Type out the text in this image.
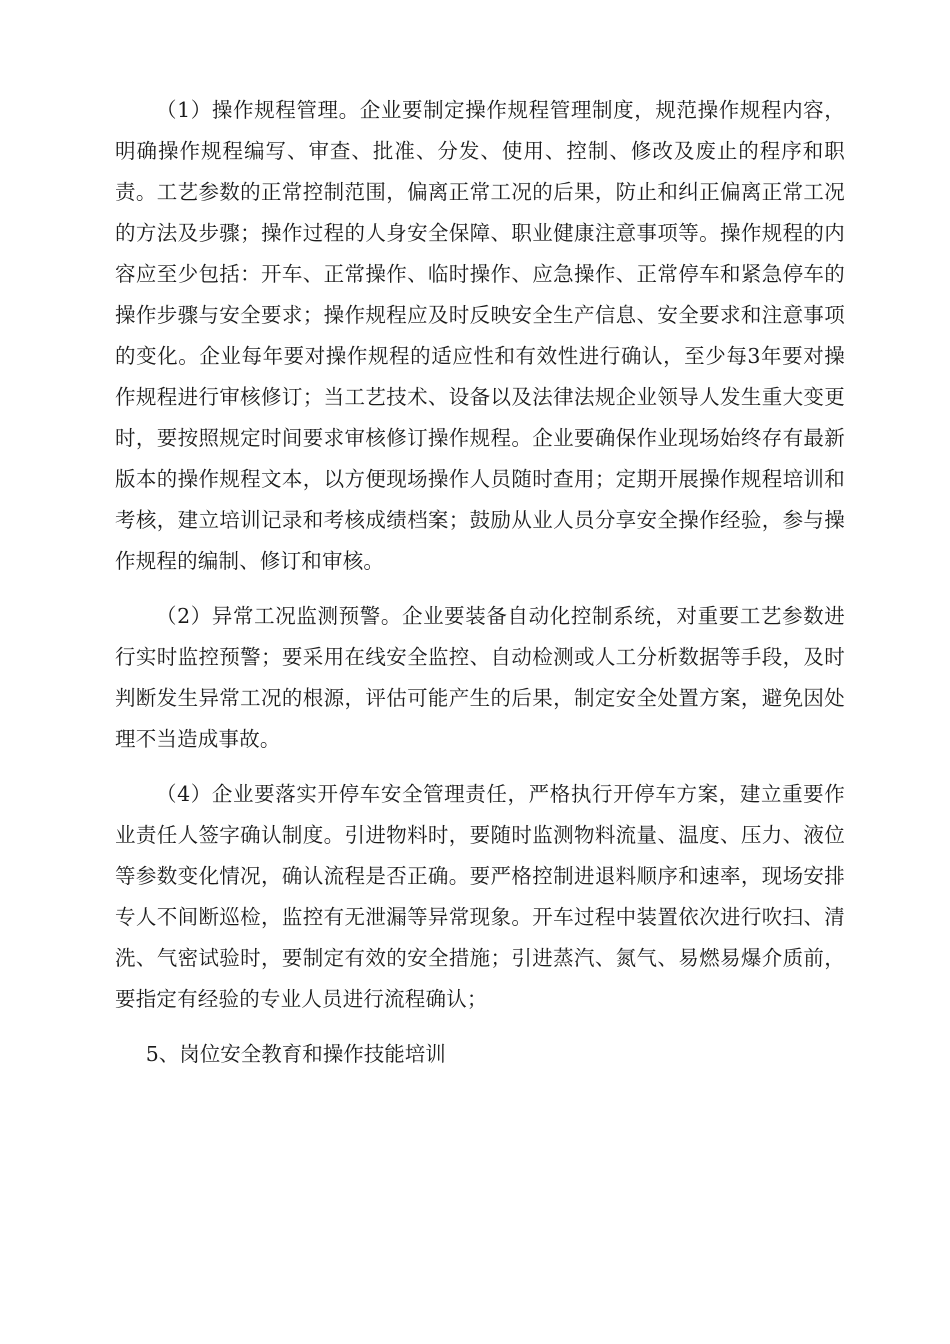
（1）操作规程管理。企业要制定操作规程管理制度，规范操作规程内容，明确操作规程编写、审查、批准、分发、使用、控制、修改及废止的程序和职责。工艺参数的正常控制范围，偏离正常工况的后果，防止和纠正偏离正常工况的方法及步骤；操作过程的人身安全保障、职业健康注意事项等。操作规程的内容应至少包括：开车、正常操作、临时操作、应急操作、正常停车和紧急停车的操作步骤与安全要求；操作规程应及时反映安全生产信息、安全要求和注意事项的变化。企业每年要对操作规程的适应性和有效性进行确认，至少每3年要对操作规程进行审核修订；当工艺技术、设备以及法律法规企业领导人发生重大变更时，要按照规定时间要求审核修订操作规程。企业要确保作业现场始终存有最新版本的操作规程文本，以方便现场操作人员随时查用；定期开展操作规程培训和考核，建立培训记录和考核成绩档案；鼓励从业人员分享安全操作经验，参与操作规程的编制、修订和审核。

（2）异常工况监测预警。企业要装备自动化控制系统，对重要工艺参数进行实时监控预警；要采用在线安全监控、自动检测或人工分析数据等手段，及时判断发生异常工况的根源，评估可能产生的后果，制定安全处置方案，避免因处理不当造成事故。

（4）企业要落实开停车安全管理责任，严格执行开停车方案，建立重要作业责任人签字确认制度。引进物料时，要随时监测物料流量、温度、压力、液位等参数变化情况，确认流程是否正确。要严格控制进退料顺序和速率，现场安排专人不间断巡检，监控有无泄漏等异常现象。开车过程中装置依次进行吹扫、清洗、气密试验时，要制定有效的安全措施；引进蒸汽、氮气、易燃易爆介质前，要指定有经验的专业人员进行流程确认；

5、岗位安全教育和操作技能培训
